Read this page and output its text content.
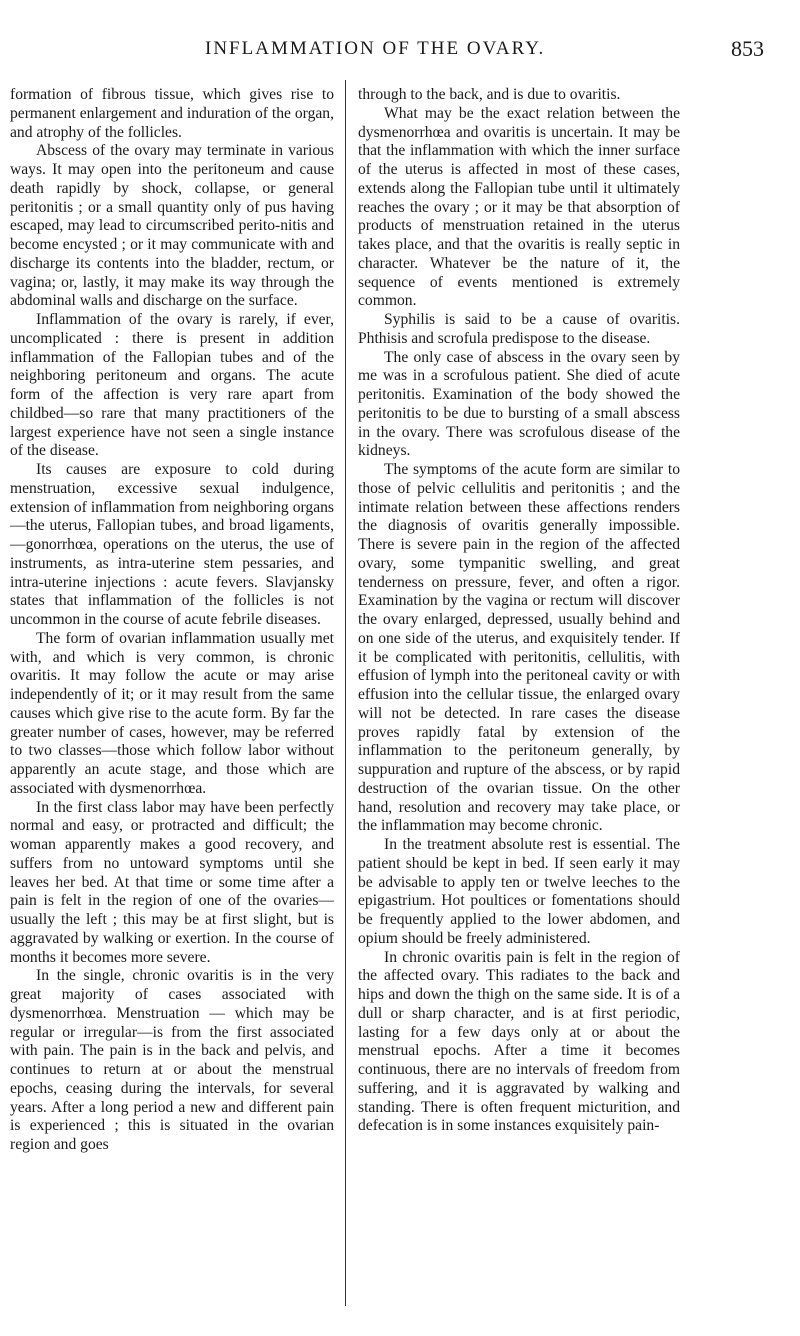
INFLAMMATION OF THE OVARY.	853

formation of fibrous tissue, which gives rise to permanent enlargement and induration of the organ, and atrophy of the follicles.

Abscess of the ovary may terminate in various ways. It may open into the peritoneum and cause death rapidly by shock, collapse, or general peritonitis ; or a small quantity only of pus having escaped, may lead to circumscribed perito-nitis and become encysted ; or it may communicate with and discharge its contents into the bladder, rectum, or vagina; or, lastly, it may make its way through the abdominal walls and discharge on the surface.

Inflammation of the ovary is rarely, if ever, uncomplicated : there is present in addition inflammation of the Fallopian tubes and of the neighboring peritoneum and organs. The acute form of the affection is very rare apart from childbed—so rare that many practitioners of the largest experience have not seen a single instance of the disease.

Its causes are exposure to cold during menstruation, excessive sexual indulgence, extension of inflammation from neighboring organs—the uterus, Fallopian tubes, and broad ligaments,—gonorrhœa, operations on the uterus, the use of instruments, as intra-uterine stem pessaries, and intra-uterine injections : acute fevers. Slavjansky states that inflammation of the follicles is not uncommon in the course of acute febrile diseases.

The form of ovarian inflammation usually met with, and which is very common, is chronic ovaritis. It may follow the acute or may arise independently of it; or it may result from the same causes which give rise to the acute form. By far the greater number of cases, however, may be referred to two classes—those which follow labor without apparently an acute stage, and those which are associated with dysmenorrhœa.

In the first class labor may have been perfectly normal and easy, or protracted and difficult; the woman apparently makes a good recovery, and suffers from no untoward symptoms until she leaves her bed. At that time or some time after a pain is felt in the region of one of the ovaries—usually the left ; this may be at first slight, but is aggravated by walking or exertion. In the course of months it becomes more severe.

In the single, chronic ovaritis is in the very great majority of cases associated with dysmenorrhœa. Menstruation — which may be regular or irregular—is from the first associated with pain. The pain is in the back and pelvis, and continues to return at or about the menstrual epochs, ceasing during the intervals, for several years. After a long period a new and different pain is experienced ; this is situated in the ovarian region and goes

through to the back, and is due to ovaritis.

What may be the exact relation between the dysmenorrhœa and ovaritis is uncertain. It may be that the inflammation with which the inner surface of the uterus is affected in most of these cases, extends along the Fallopian tube until it ultimately reaches the ovary ; or it may be that absorption of products of menstruation retained in the uterus takes place, and that the ovaritis is really septic in character. Whatever be the nature of it, the sequence of events mentioned is extremely common.

Syphilis is said to be a cause of ovaritis. Phthisis and scrofula predispose to the disease.

The only case of abscess in the ovary seen by me was in a scrofulous patient. She died of acute peritonitis. Examination of the body showed the peritonitis to be due to bursting of a small abscess in the ovary. There was scrofulous disease of the kidneys.

The symptoms of the acute form are similar to those of pelvic cellulitis and peritonitis ; and the intimate relation between these affections renders the diagnosis of ovaritis generally impossible. There is severe pain in the region of the affected ovary, some tympanitic swelling, and great tenderness on pressure, fever, and often a rigor. Examination by the vagina or rectum will discover the ovary enlarged, depressed, usually behind and on one side of the uterus, and exquisitely tender. If it be complicated with peritonitis, cellulitis, with effusion of lymph into the peritoneal cavity or with effusion into the cellular tissue, the enlarged ovary will not be detected. In rare cases the disease proves rapidly fatal by extension of the inflammation to the peritoneum generally, by suppuration and rupture of the abscess, or by rapid destruction of the ovarian tissue. On the other hand, resolution and recovery may take place, or the inflammation may become chronic.

In the treatment absolute rest is essential. The patient should be kept in bed. If seen early it may be advisable to apply ten or twelve leeches to the epigastrium. Hot poultices or fomentations should be frequently applied to the lower abdomen, and opium should be freely administered.

In chronic ovaritis pain is felt in the region of the affected ovary. This radiates to the back and hips and down the thigh on the same side. It is of a dull or sharp character, and is at first periodic, lasting for a few days only at or about the menstrual epochs. After a time it becomes continuous, there are no intervals of freedom from suffering, and it is aggravated by walking and standing. There is often frequent micturition, and defecation is in some instances exquisitely pain-
